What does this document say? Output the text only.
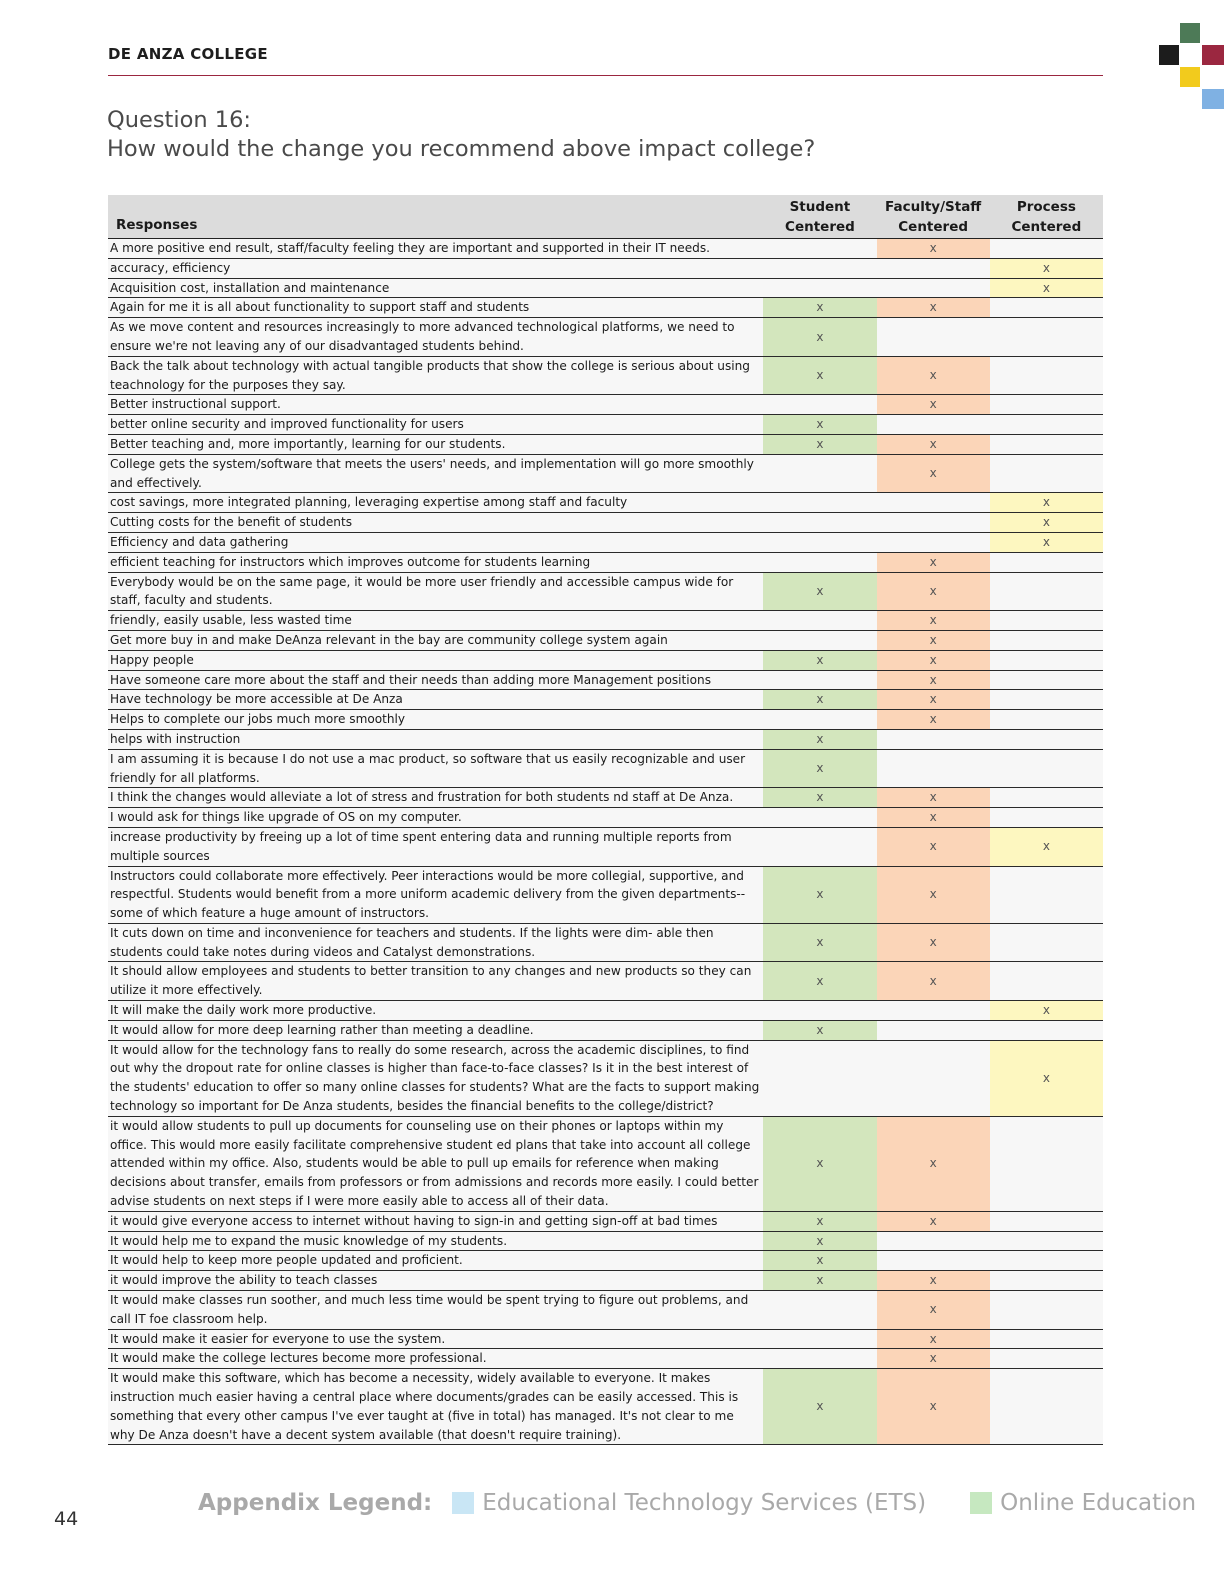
DE ANZA COLLEGE
Question 16:
How would the change you recommend above impact college?
Responses	Student Centered	Faculty/Staff Centered	Process Centered
A more positive end result, staff/faculty feeling they are important and supported in their IT needs.		x	
accuracy, efficiency			x
Acquisition cost, installation and maintenance			x
Again for me it is all about functionality to support staff and students	x	x	
As we move content and resources increasingly to more advanced technological platforms, we need to ensure we're not leaving any of our disadvantaged students behind.	x		
Back the talk about technology with actual tangible products that show the college is serious about using teachnology for the purposes they say.	x	x	
Better instructional support.		x	
better online security and improved functionality for users	x		
Better teaching and, more importantly, learning for our students.	x	x	
College gets the system/software that meets the users' needs, and implementation will go more smoothly and effectively.		x	
cost savings, more integrated planning, leveraging expertise among staff and faculty			x
Cutting costs for the benefit of students			x
Efficiency and data gathering			x
efficient teaching for instructors which improves outcome for students learning		x	
Everybody would be on the same page, it would be more user friendly and accessible campus wide for staff, faculty and students.	x	x	
friendly, easily usable, less wasted time		x	
Get more buy in and make DeAnza relevant in the bay are community college system again		x	
Happy people	x	x	
Have someone care more about the staff and their needs than adding more Management positions		x	
Have technology be more accessible at De Anza	x	x	
Helps to complete our jobs much more smoothly		x	
helps with instruction	x		
I am assuming it is because I do not use a mac product, so software that us easily recognizable and user friendly for all platforms.	x		
I think the changes would alleviate a lot of stress and frustration for both students nd staff at De Anza.	x	x	
I would ask for things like upgrade of OS on my computer.		x	
increase productivity by freeing up a lot of time spent entering data and running multiple reports from multiple sources		x	x
Instructors could collaborate more effectively. Peer interactions would be more collegial, supportive, and respectful. Students would benefit from a more uniform academic delivery from the given departments--some of which feature a huge amount of instructors.	x	x	
It cuts down on time and inconvenience for teachers and students. If the lights were dim- able then students could take notes during videos and Catalyst demonstrations.	x	x	
It should allow employees and students to better transition to any changes and new products so they can utilize it more effectively.	x	x	
It will make the daily work more productive.			x
It would allow for more deep learning rather than meeting a deadline.	x		
It would allow for the technology fans to really do some research, across the academic disciplines, to find out why the dropout rate for online classes is higher than face-to-face classes? Is it in the best interest of the students' education to offer so many online classes for students? What are the facts to support making technology so important for De Anza students, besides the financial benefits to the college/district?			x
it would allow students to pull up documents for counseling use on their phones or laptops within my office. This would more easily facilitate comprehensive student ed plans that take into account all college attended within my office. Also, students would be able to pull up emails for reference when making decisions about transfer, emails from professors or from admissions and records more easily. I could better advise students on next steps if I were more easily able to access all of their data.	x	x	
it would give everyone access to internet without having to sign-in and getting sign-off at bad times	x	x	
It would help me to expand the music knowledge of my students.	x		
It would help to keep more people updated and proficient.	x		
it would improve the ability to teach classes	x	x	
It would make classes run soother, and much less time would be spent trying to figure out problems, and call IT foe classroom help.		x	
It would make it easier for everyone to use the system.		x	
It would make the college lectures become more professional.		x	
It would make this software, which has become a necessity, widely available to everyone. It makes instruction much easier having a central place where documents/grades can be easily accessed. This is something that every other campus I've ever taught at (five in total) has managed. It's not clear to me why De Anza doesn't have a decent system available (that doesn't require training).	x	x	
44
Appendix Legend: Educational Technology Services (ETS)	Online Education
